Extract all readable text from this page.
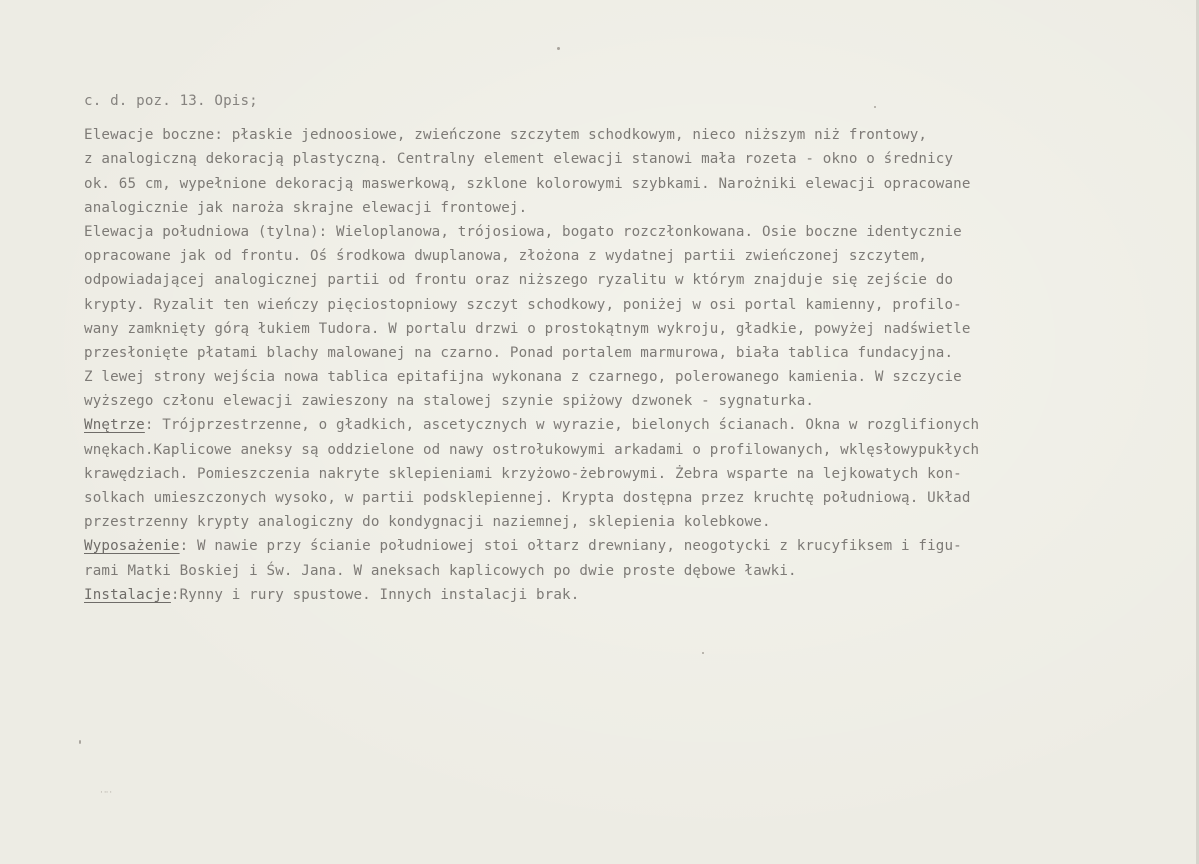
c. d. poz. 13. Opis;
Elewacje boczne: płaskie jednoosiowe, zwieńczone szczytem schodkowym, nieco niższym niż frontowy,
z analogiczną dekoracją plastyczną. Centralny element elewacji stanowi mała rozeta - okno o średnicy
ok. 65 cm, wypełnione dekoracją maswerkową, szklone kolorowymi szybkami. Narożniki elewacji opracowane
analogicznie jak naroża skrajne elewacji frontowej.
Elewacja południowa (tylna): Wieloplanowa, trójosiowa, bogato rozczłonkowana. Osie boczne identycznie
opracowane jak od frontu. Oś środkowa dwuplanowa, złożona z wydatnej partii zwieńczonej szczytem,
odpowiadającej analogicznej partii od frontu oraz niższego ryzalitu w którym znajduje się zejście do
krypty. Ryzalit ten wieńczy pięciostopniowy szczyt schodkowy, poniżej w osi portal kamienny, profilo-
wany zamknięty górą łukiem Tudora. W portalu drzwi o prostokątnym wykroju, gładkie, powyżej nadświetle
przesłonięte płatami blachy malowanej na czarno. Ponad portalem marmurowa, biała tablica fundacyjna.
Z lewej strony wejścia nowa tablica epitafijna wykonana z czarnego, polerowanego kamienia. W szczycie
wyższego członu elewacji zawieszony na stalowej szynie spiżowy dzwonek - sygnaturka.
Wnętrze: Trójprzestrzenne, o gładkich, ascetycznych w wyrazie, bielonych ścianach. Okna w rozglifionych
wnękach.Kaplicowe aneksy są oddzielone od nawy ostrołukowymi arkadami o profilowanych, wklęsłowypukłych
krawędziach. Pomieszczenia nakryte sklepieniami krzyżowo-żebrowymi. Żebra wsparte na lejkowatych kon-
solkach umieszczonych wysoko, w partii podsklepiennej. Krypta dostępna przez kruchtę południową. Układ
przestrzenny krypty analogiczny do kondygnacji naziemnej, sklepienia kolebkowe.
Wyposażenie: W nawie przy ścianie południowej stoi ołtarz drewniany, neogotycki z krucyfiksem i figu-
rami Matki Boskiej i Św. Jana. W aneksach kaplicowych po dwie proste dębowe ławki.
Instalacje:Rynny i rury spustowe. Innych instalacji brak.
· ·· ·
